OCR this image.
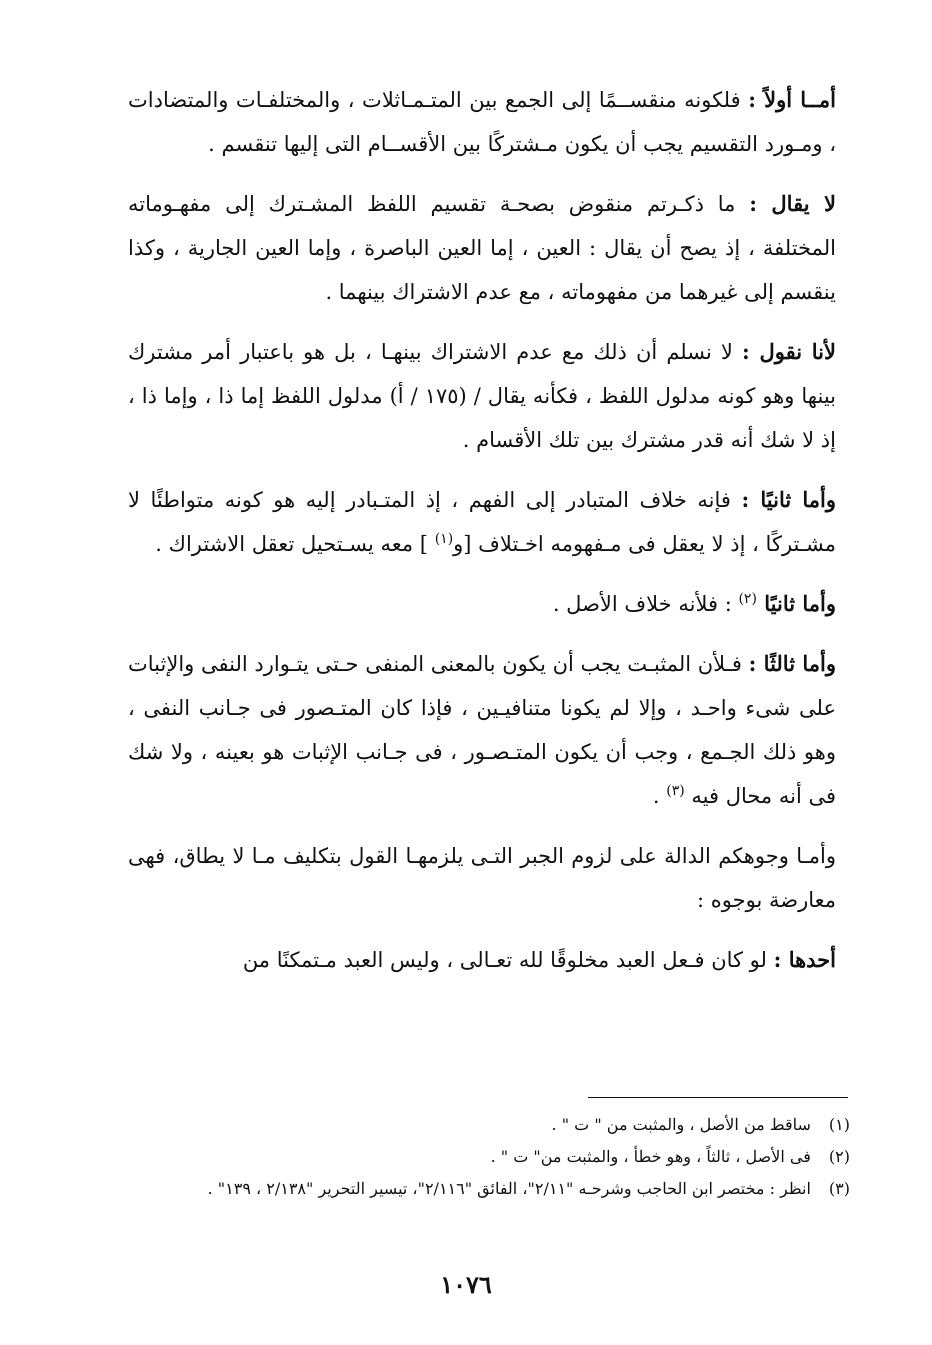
أمــا أولاً : فلكونه منقســمًا إلى الجمع بين المتـمـاثلات ، والمختلفـات والمتضادات ، ومـورد التقسيم يجب أن يكون مـشتركًا بين الأقســام التى إليها تنقسم .

لا يقال : ما ذكـرتم منقوض بصحـة تقسيم اللفظ المشـترك إلى مفهـوماته المختلفة ، إذ يصح أن يقال : العين ، إما العين الباصرة ، وإما العين الجارية ، وكذا ينقسم إلى غيرهما من مفهوماته ، مع عدم الاشتراك بينهما .

لأنا نقول : لا نسلم أن ذلك مع عدم الاشتراك بينهـا ، بل هو باعتبار أمر مشترك بينها وهو كونه مدلول اللفظ ، فكأنه يقال / (١٧٥ / أ) مدلول اللفظ إما ذا ، وإما ذا ، إذ لا شك أنه قدر مشترك بين تلك الأقسام .

وأما ثانيًا : فإنه خلاف المتبادر إلى الفهم ، إذ المتـبادر إليه هو كونه متواطئًا لا مشـتركًا ، إذ لا يعقل فى مـفهومه اخـتلاف [و$^{(١)}$ ] معه يسـتحيل تعقل الاشتراك .

وأما ثانيًا $^{(٢)}$ : فلأنه خلاف الأصل .

وأما ثالثًا : فـلأن المثبـت يجب أن يكون بالمعنى المنفى حـتى يتـوارد النفى والإثبات على شىء واحـد ، وإلا لم يكونا متنافيـين ، فإذا كان المتـصور فى جـانب النفى ، وهو ذلك الجـمع ، وجب أن يكون المتـصـور ، فى جـانب الإثبات هو بعينه ، ولا شك فى أنه محال فيه $^{(٣)}$ .

وأمـا وجوهكم الدالة على لزوم الجبر التـى يلزمهـا القول بتكليف مـا لا يطاق، فهى معارضة بوجوه :

أحدها : لو كان فـعل العبد مخلوقًا لله تعـالى ، وليس العبد مـتمكنًا من

(١) ساقط من الأصل ، والمثبت من " ت " .
(٢) فى الأصل ، ثالثاً ، وهو خطأ ، والمثبت من" ت " .
(٣) انظر : مختصر ابن الحاجب وشرحـه "٢/١١"، الفائق "٢/١١٦"، تيسير التحرير "٢/١٣٨ ، ١٣٩" .
١٠٧٦
